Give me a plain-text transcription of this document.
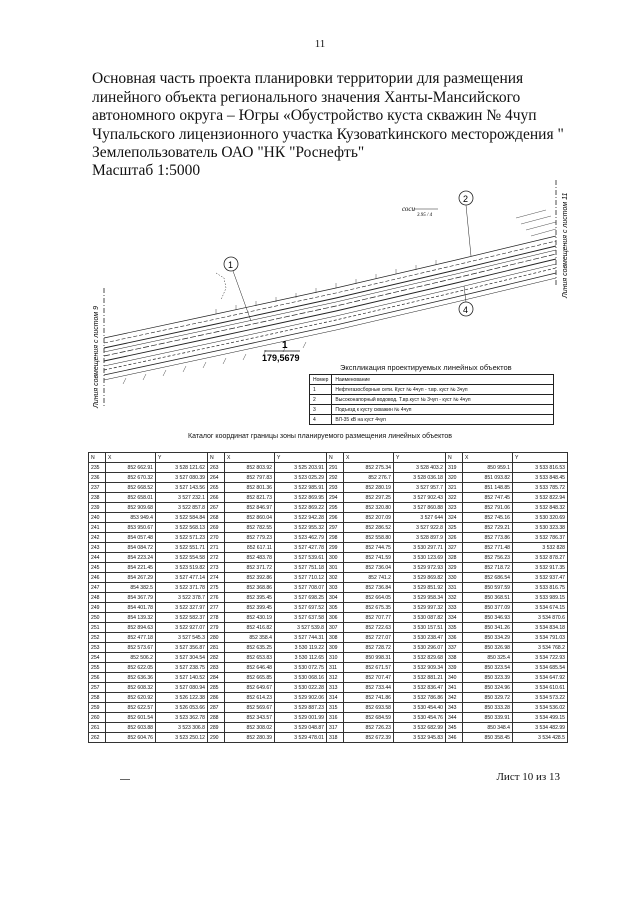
11
Основная часть проекта планировки территории для размещения
линейного объекта регионального значения Ханты-Мансийского
автономного округа – Югры «Обустройство куста скважин № 4чуп
Чупальского лицензионного участка Кузоватkинского месторождения "
Землепользователь ОАО "НК "Роснефть"
Масштаб 1:5000
Линия совмещения с листом 9
Линия совмещения с листом 11
соси
3.95 / 4
1
2
4
1
179,5679
Экспликация проектируемых линейных объектов
Номер	Наименование
1	Нефтегазосборные сети. Куст № 4чуп - т.вр. куст № 3чуп
2	Высоконапорный водовод. Т.вр.куст № 3чуп - куст № 4чуп
3	Подъезд к кусту скважин № 4чуп
4	ВЛ-35 кВ на куст 4чуп
Каталог координат границы зоны планируемого размещения линейных объектов
N	X	Y	N	X	Y	N	X	Y	N	X	Y
235	852 662.91	3 528 121.62	263	852 803.92	3 525 203.91	291	852 275.34	3 528 403.2	319	850 959.1	3 533 816.53
236	852 670.32	3 527 080.39	264	852 797.83	3 523 025.29	292	852 276.7	3 528 036.18	320	851 093.82	3 533 848.45
237	852 668.52	3 527 143.56	265	852 801.36	3 522 985.91	293	852 280.19	3 527 957.7	321	851 148.85	3 533 785.72
238	852 658.01	3 527 232.1	266	852 821.73	3 522 869.95	294	852 297.25	3 527 902.43	322	852 747.45	3 532 822.94
239	852 909.68	3 522 857.8	267	852 846.97	3 522 869.22	295	852 320.80	3 527 860.88	323	852 791.06	3 532 848.32
240	853 949.4	3 522 584.84	268	852 860.04	3 522 942.28	296	852 207.09	3 527 644	324	852 745.16	3 530 320.69
241	853 950.67	3 522 568.13	269	852 782.55	3 522 955.32	297	852 286.52	3 527 922.8	325	852 729.21	3 530 323.38
242	854 057.48	3 522 571.23	270	852 779.23	3 523 462.79	298	852 558.80	3 528 897.9	326	852 773.86	3 532 786.37
243	854 084.72	3 522 551.71	271	852 617.11	3 527 427.78	299	852 744.75	3 530 297.71	327	852 771.48	3 532 828
244	854 223.24	3 522 554.58	272	852 483.78	3 527 539.61	300	852 741.59	3 530 123.69	328	852 756.23	3 532 878.27
245	854 221.45	3 523 519.82	273	852 371.72	3 527 751.18	301	852 736.04	3 529 972.93	329	852 718.72	3 532 917.35
246	854 267.29	3 527 477.14	274	852 392.86	3 527 710.12	302	852 741.2	3 529 869.82	330	852 686.54	3 532 937.47
247	854 382.5	3 522 371.78	275	852 368.86	3 527 708.07	303	852 736.84	3 529 851.92	331	850 597.59	3 533 816.75
248	854 367.79	3 522 378.7	276	852 395.45	3 527 698.25	304	852 664.05	3 529 958.34	332	850 368.51	3 533 989.15
249	854 401.78	3 522 327.97	277	852 399.45	3 527 697.52	305	852 675.35	3 529 997.32	333	850 377.09	3 534 674.15
250	854 139.32	3 522 582.37	278	852 430.19	3 527 637.58	306	852 707.77	3 530 087.82	334	850 346.93	3 534 870.6
251	852 894.63	3 522 927.07	279	852 416.82	3 527 539.8	307	852 722.63	3 530 157.51	335	850 341.26	3 534 834.18
252	852 477.18	3 527 545.3	280	852 358.4	3 527 744.31	308	852 727.07	3 530 238.47	336	850 334.29	3 534 791.03
253	852 573.67	3 527 356.87	281	852 635.25	3 530 119.22	309	852 728.72	3 530 296.07	337	850 326.98	3 534 768.2
254	852 506.2	3 527 304.54	282	852 653.83	3 530 112.65	310	850 998.31	3 532 829.68	338	850 325.4	3 534 722.93
255	852 622.05	3 527 238.75	283	852 646.48	3 530 072.75	311	852 671.57	3 532 909.34	339	850 323.54	3 534 685.54
256	852 636.36	3 527 140.52	284	852 665.85	3 530 068.16	312	852 707.47	3 532 881.21	340	850 323.39	3 534 647.92
257	852 608.32	3 527 080.94	285	852 649.67	3 530 022.28	313	852 733.44	3 532 836.47	341	850 324.96	3 534 610.61
258	852 620.92	3 526 122.38	286	852 614.23	3 529 902.06	314	852 741.86	3 532 786.86	342	850 329.72	3 534 573.22
259	852 622.57	3 526 053.66	287	852 569.67	3 529 887.23	315	852 693.58	3 530 454.40	343	850 333.28	3 534 536.02
260	852 601.54	3 523 362.78	288	852 343.57	3 529 001.99	316	852 684.59	3 530 454.76	344	850 339.91	3 534 499.15
261	852 603.88	3 523 306.8	289	852 308.02	3 529 048.87	317	852 726.23	3 532 682.99	345	850 348.4	3 534 482.99
262	852 604.76	3 523 250.12	290	852 280.39	3 529 478.01	318	852 672.39	3 532 945.83	346	850 358.45	3 534 428.5
Лист 10 из 13
